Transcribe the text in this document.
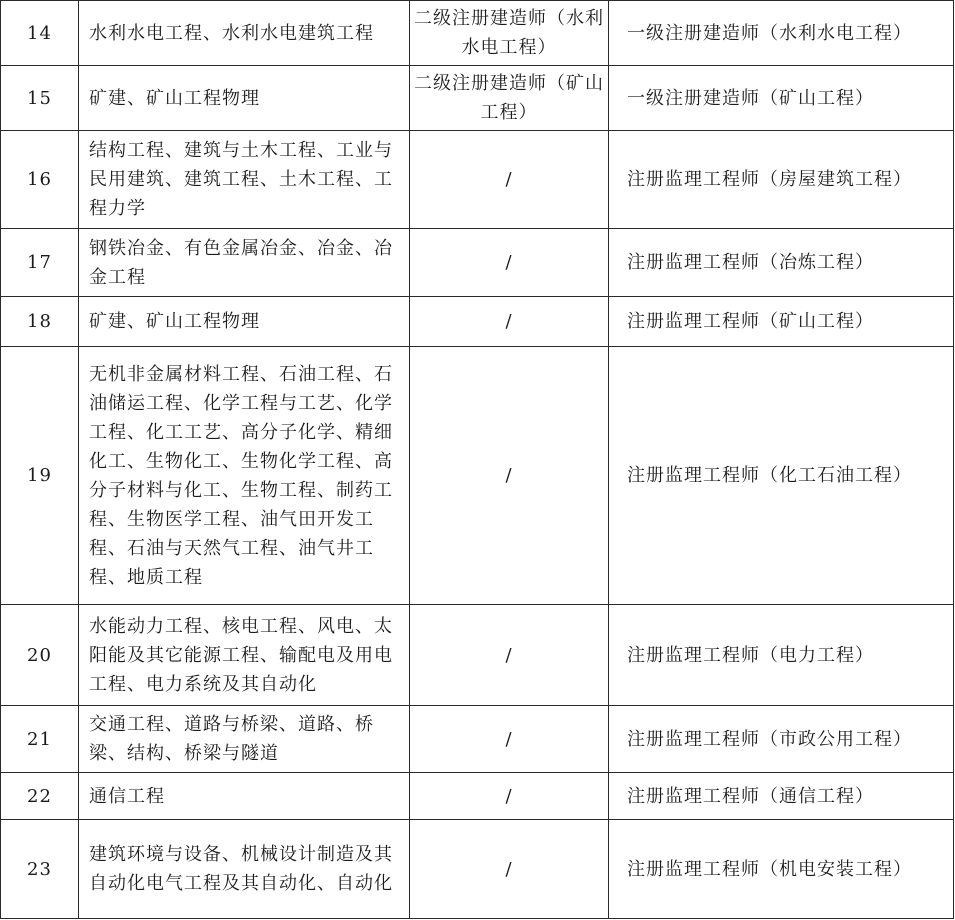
14	水利水电工程、水利水电建筑工程	二级注册建造师（水利水电工程）	一级注册建造师（水利水电工程）
15	矿建、矿山工程物理	二级注册建造师（矿山工程）	一级注册建造师（矿山工程）
16	结构工程、建筑与土木工程、工业与民用建筑、建筑工程、土木工程、工程力学	/	注册监理工程师（房屋建筑工程）
17	钢铁冶金、有色金属冶金、冶金、冶金工程	/	注册监理工程师（冶炼工程）
18	矿建、矿山工程物理	/	注册监理工程师（矿山工程）
19	无机非金属材料工程、石油工程、石油储运工程、化学工程与工艺、化学工程、化工工艺、高分子化学、精细化工、生物化工、生物化学工程、高分子材料与化工、生物工程、制药工程、生物医学工程、油气田开发工程、石油与天然气工程、油气井工程、地质工程	/	注册监理工程师（化工石油工程）
20	水能动力工程、核电工程、风电、太阳能及其它能源工程、输配电及用电工程、电力系统及其自动化	/	注册监理工程师（电力工程）
21	交通工程、道路与桥梁、道路、桥梁、结构、桥梁与隧道	/	注册监理工程师（市政公用工程）
22	通信工程	/	注册监理工程师（通信工程）
23	建筑环境与设备、机械设计制造及其自动化电气工程及其自动化、自动化	/	注册监理工程师（机电安装工程）
